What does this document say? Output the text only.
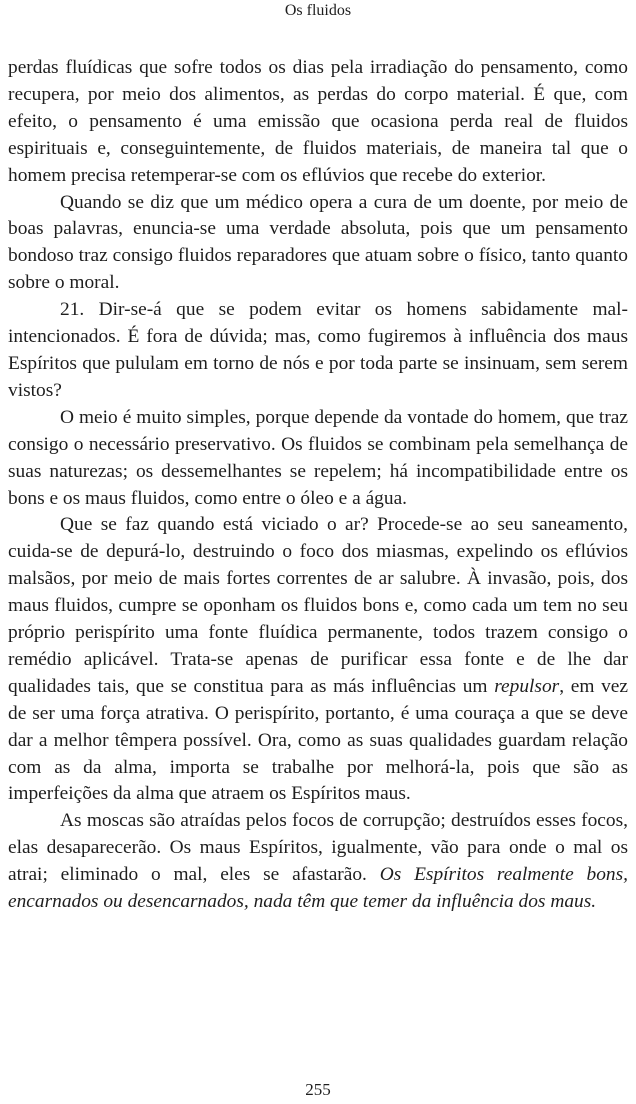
Os fluidos

perdas fluídicas que sofre todos os dias pela irradiação do pensamento, como recupera, por meio dos alimentos, as perdas do corpo material. É que, com efeito, o pensamento é uma emissão que ocasiona perda real de fluidos espirituais e, conseguintemente, de fluidos materiais, de maneira tal que o homem precisa retemperar-se com os eflúvios que recebe do exterior.

Quando se diz que um médico opera a cura de um doente, por meio de boas palavras, enuncia-se uma verdade absoluta, pois que um pensamento bondoso traz consigo fluidos reparadores que atuam sobre o físico, tanto quanto sobre o moral.

21. Dir-se-á que se podem evitar os homens sabidamente mal-intencionados. É fora de dúvida; mas, como fugiremos à influência dos maus Espíritos que pululam em torno de nós e por toda parte se insinuam, sem serem vistos?

O meio é muito simples, porque depende da vontade do homem, que traz consigo o necessário preservativo. Os fluidos se combinam pela semelhança de suas naturezas; os dessemelhantes se repelem; há incompatibilidade entre os bons e os maus fluidos, como entre o óleo e a água.

Que se faz quando está viciado o ar? Procede-se ao seu saneamento, cuida-se de depurá-lo, destruindo o foco dos miasmas, expelindo os eflúvios malsãos, por meio de mais fortes correntes de ar salubre. À invasão, pois, dos maus fluidos, cumpre se oponham os fluidos bons e, como cada um tem no seu próprio perispírito uma fonte fluídica permanente, todos trazem consigo o remédio aplicável. Trata-se apenas de purificar essa fonte e de lhe dar qualidades tais, que se constitua para as más influências um repulsor, em vez de ser uma força atrativa. O perispírito, portanto, é uma couraça a que se deve dar a melhor têmpera possível. Ora, como as suas qualidades guardam relação com as da alma, importa se trabalhe por melhorá-la, pois que são as imperfeições da alma que atraem os Espíritos maus.

As moscas são atraídas pelos focos de corrupção; destruídos esses focos, elas desaparecerão. Os maus Espíritos, igualmente, vão para onde o mal os atrai; eliminado o mal, eles se afastarão. Os Espíritos realmente bons, encarnados ou desencarnados, nada têm que temer da influência dos maus.

255
